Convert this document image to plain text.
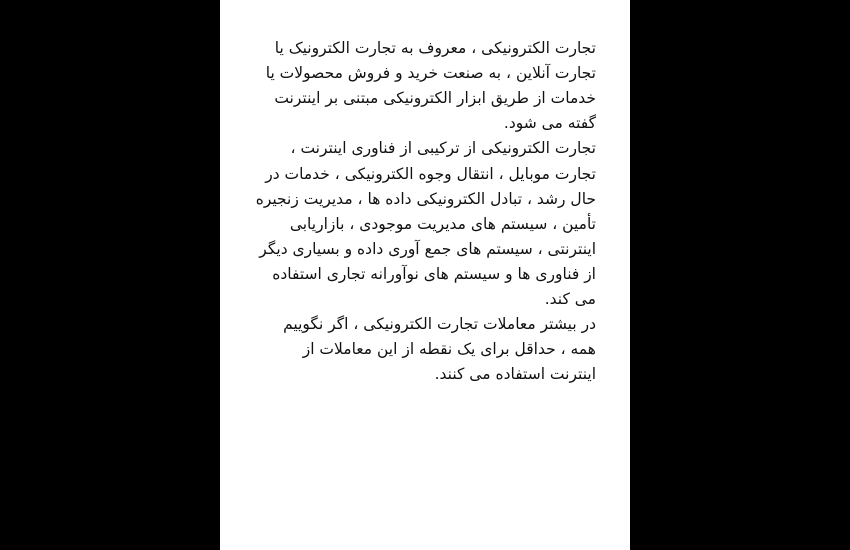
تجارت الکترونیکی ، معروف به تجارت الکترونیک یا تجارت آنلاین ، به صنعت خرید و فروش محصولات یا خدمات از طریق ابزار الکترونیکی مبتنی بر اینترنت گفته می شود.

تجارت الکترونیکی از ترکیبی از فناوری اینترنت ، تجارت موبایل ، انتقال وجوه الکترونیکی ، خدمات در حال رشد ، تبادل الکترونیکی داده ها ، مدیریت زنجیره تأمین ، سیستم های مدیریت موجودی ، بازاریابی اینترنتی ، سیستم های جمع آوری داده و بسیاری دیگر از فناوری ها و سیستم های نوآورانه تجاری استفاده می کند.

در بیشتر معاملات تجارت الکترونیکی ، اگر نگوییم همه ، حداقل برای یک نقطه از این معاملات از اینترنت استفاده می کنند.
